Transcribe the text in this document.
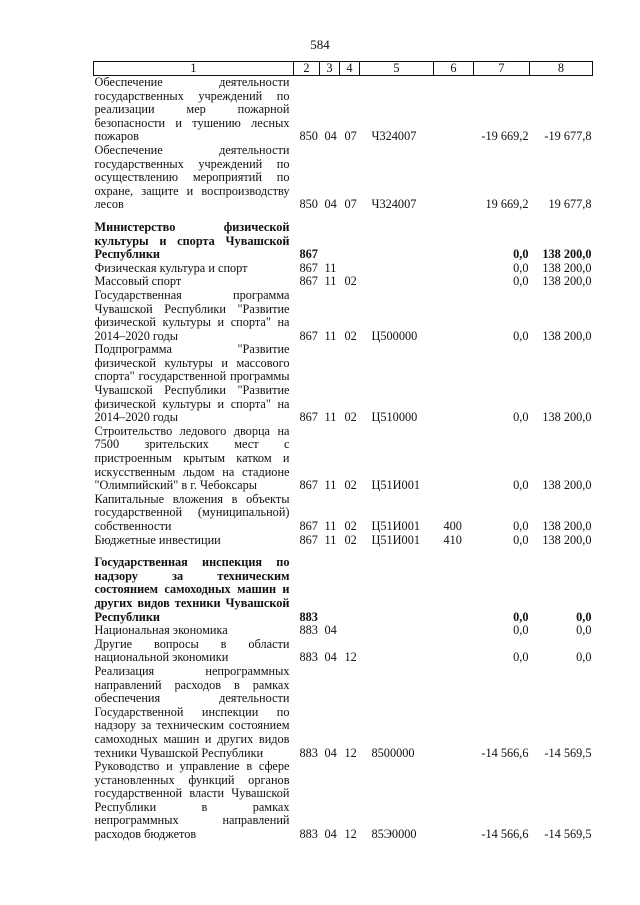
584
1	2	3	4	5	6	7	8
Обеспечение деятельности государственных учреждений по реализации мер пожарной безопасности и тушению лесных пожаров	850	04	07	Ч324007		-19 669,2	-19 677,8
Обеспечение деятельности государственных учреждений по осуществлению мероприятий по охране, защите и воспроизводству лесов	850	04	07	Ч324007		19 669,2	19 677,8

Министерство физической культуры и спорта Чувашской Республики	867					0,0	138 200,0
Физическая культура и спорт	867	11				0,0	138 200,0
Массовый спорт	867	11	02			0,0	138 200,0
Государственная программа Чувашской Республики "Развитие физической культуры и спорта" на 2014–2020 годы	867	11	02	Ц500000		0,0	138 200,0
Подпрограмма "Развитие физической культуры и массового спорта" государственной программы Чувашской Республики "Развитие физической культуры и спорта" на 2014–2020 годы	867	11	02	Ц510000		0,0	138 200,0
Строительство ледового дворца на 7500 зрительских мест с пристроенным крытым катком и искусственным льдом на стадионе "Олимпийский" в г. Чебоксары	867	11	02	Ц51И001		0,0	138 200,0
Капитальные вложения в объекты государственной (муниципальной) собственности	867	11	02	Ц51И001	400	0,0	138 200,0
Бюджетные инвестиции	867	11	02	Ц51И001	410	0,0	138 200,0

Государственная инспекция по надзору за техническим состоянием самоходных машин и других видов техники Чувашской Республики	883					0,0	0,0
Национальная экономика	883	04				0,0	0,0
Другие вопросы в области национальной экономики	883	04	12			0,0	0,0
Реализация непрограммных направлений расходов в рамках обеспечения деятельности Государственной инспекции по надзору за техническим состоянием самоходных машин и других видов техники Чувашской Республики	883	04	12	8500000		-14 566,6	-14 569,5
Руководство и управление в сфере установленных функций органов государственной власти Чувашской Республики в рамках непрограммных направлений расходов бюджетов	883	04	12	85Э0000		-14 566,6	-14 569,5
